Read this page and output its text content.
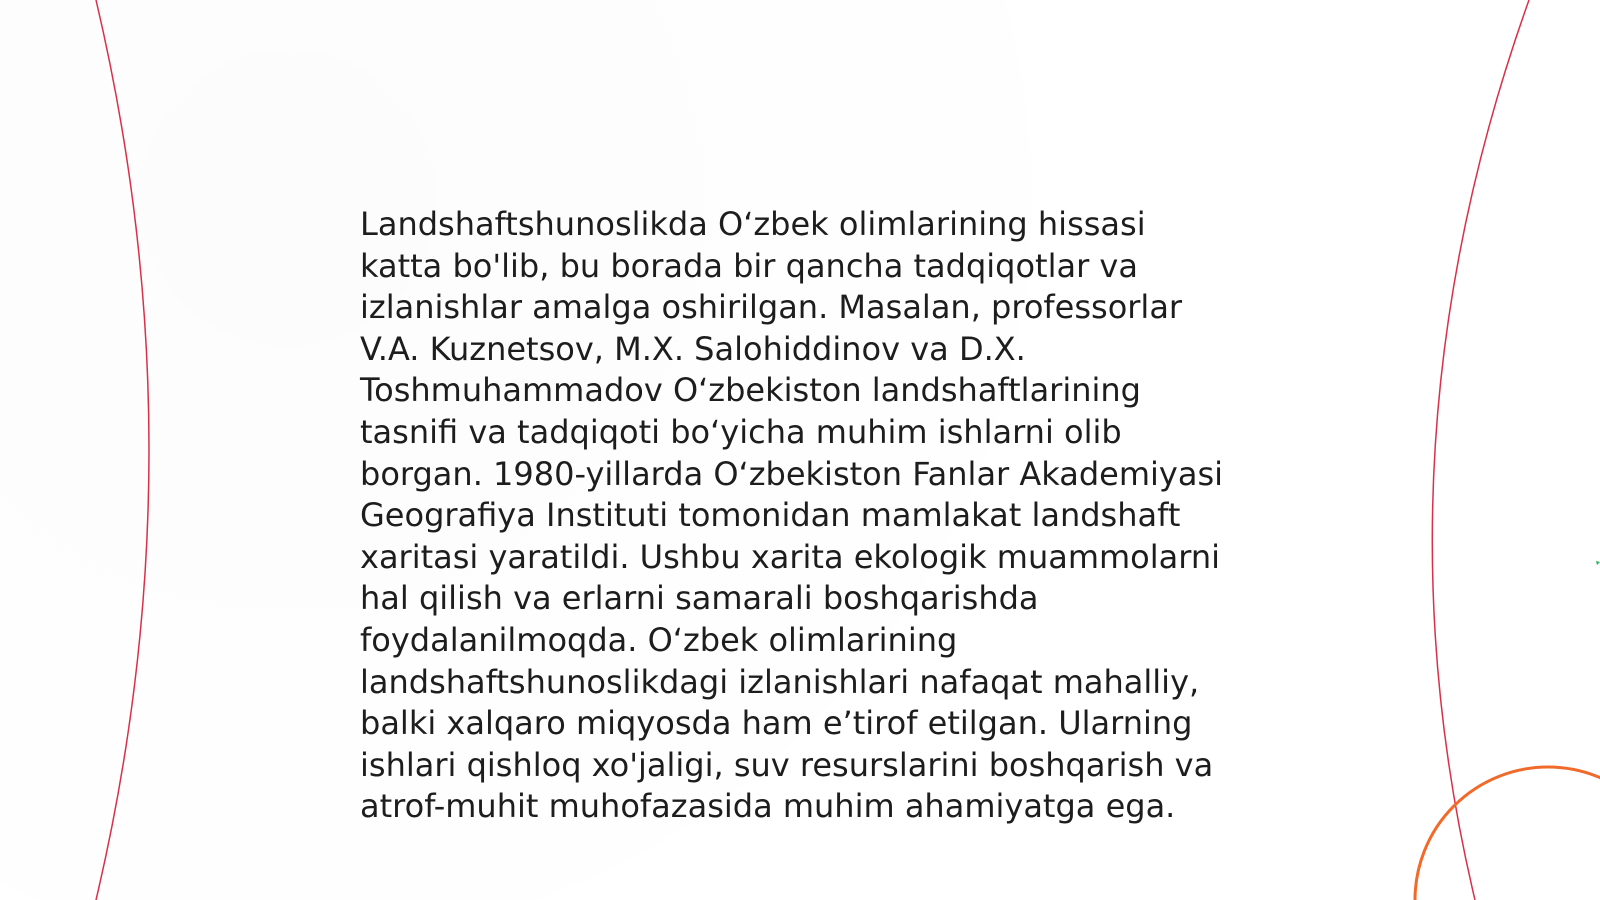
Landshaftshunoslikda O‘zbek olimlarining hissasi
katta bo'lib, bu borada bir qancha tadqiqotlar va
izlanishlar amalga oshirilgan. Masalan, professorlar
V.A. Kuznetsov, M.X. Salohiddinov va D.X.
Toshmuhammadov O‘zbekiston landshaftlarining
tasnifi va tadqiqoti bo‘yicha muhim ishlarni olib
borgan. 1980-yillarda O‘zbekiston Fanlar Akademiyasi
Geografiya Instituti tomonidan mamlakat landshaft
xaritasi yaratildi. Ushbu xarita ekologik muammolarni
hal qilish va erlarni samarali boshqarishda
foydalanilmoqda. O‘zbek olimlarining
landshaftshunoslikdagi izlanishlari nafaqat mahalliy,
balki xalqaro miqyosda ham e’tirof etilgan. Ularning
ishlari qishloq xo'jaligi, suv resurslarini boshqarish va
atrof-muhit muhofazasida muhim ahamiyatga ega.
